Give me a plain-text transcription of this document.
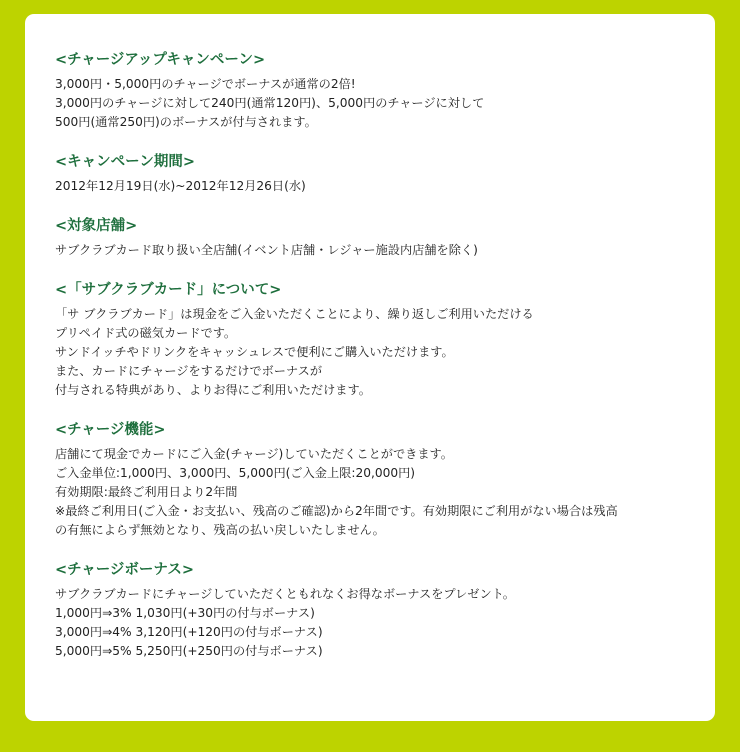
<チャージアップキャンペーン>
3,000円・5,000円のチャージでボーナスが通常の2倍!
3,000円のチャージに対して240円(通常120円)、5,000円のチャージに対して
500円(通常250円)のボーナスが付与されます。
<キャンペーン期間>
2012年12月19日(水)~2012年12月26日(水)
<対象店舗>
サブクラブカード取り扱い全店舗(イベント店舗・レジャー施設内店舗を除く)
<「サブクラブカード」について>
「サ ブクラブカード」は現金をご入金いただくことにより、繰り返しご利用いただける
プリペイド式の磁気カードです。
サンドイッチやドリンクをキャッシュレスで便利にご購入いただけます。
また、カードにチャージをするだけでボーナスが
付与される特典があり、よりお得にご利用いただけます。
<チャージ機能>
店舗にて現金でカードにご入金(チャージ)していただくことができます。
ご入金単位:1,000円、3,000円、5,000円(ご入金上限:20,000円)
有効期限:最終ご利用日より2年間
※最終ご利用日(ご入金・お支払い、残高のご確認)から2年間です。有効期限にご利用がない場合は残高
の有無によらず無効となり、残高の払い戻しいたしません。
<チャージボーナス>
サブクラブカードにチャージしていただくともれなくお得なボーナスをプレゼント。
1,000円⇒3% 1,030円(+30円の付与ボーナス)
3,000円⇒4% 3,120円(+120円の付与ボーナス)
5,000円⇒5% 5,250円(+250円の付与ボーナス)
